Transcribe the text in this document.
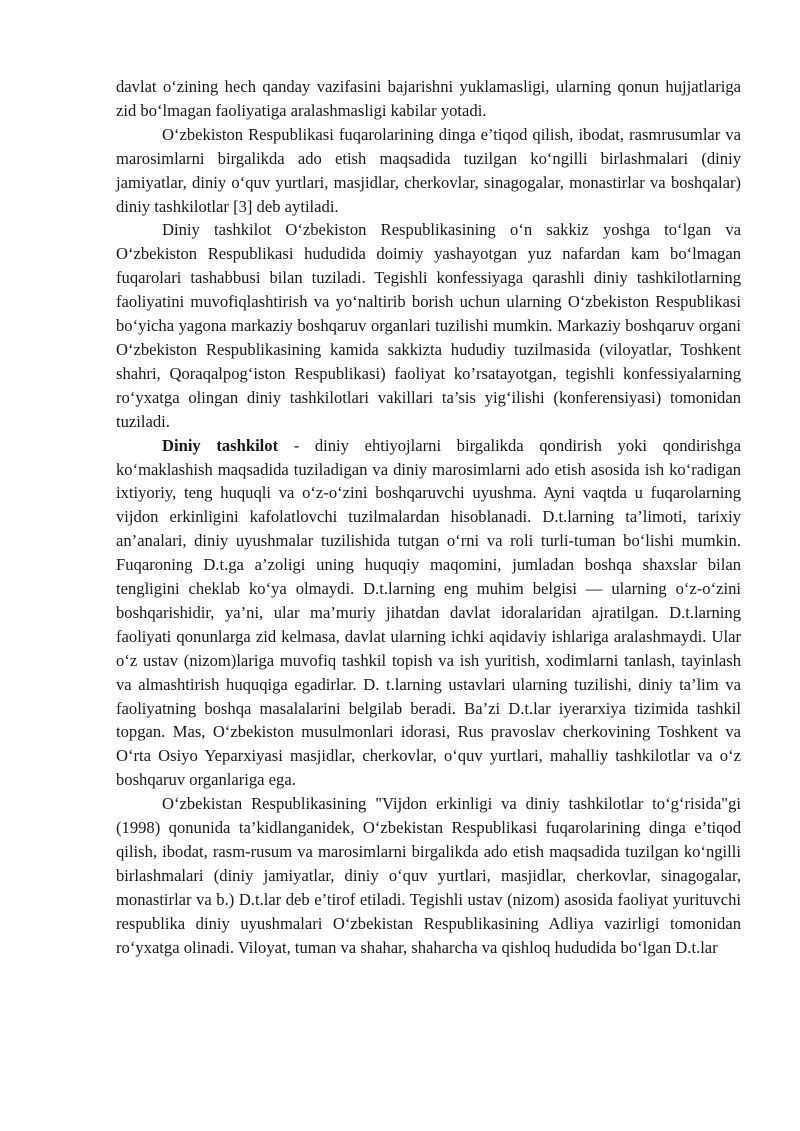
davlat o‘zining hech qanday vazifasini bajarishni yuklamasligi, ularning qonun hujjatlariga zid bo‘lmagan faoliyatiga aralashmasligi kabilar yotadi.

O‘zbekiston Respublikasi fuqarolarining dinga e’tiqod qilish, ibodat, rasmrusumlar va marosimlarni birgalikda ado etish maqsadida tuzilgan ko‘ngilli birlashmalari (diniy jamiyatlar, diniy o‘quv yurtlari, masjidlar, cherkovlar, sinagogalar, monastirlar va boshqalar) diniy tashkilotlar [3] deb aytiladi.

Diniy tashkilot O‘zbekiston Respublikasining o‘n sakkiz yoshga to‘lgan va O‘zbekiston Respublikasi hududida doimiy yashayotgan yuz nafardan kam bo‘lmagan fuqarolari tashabbusi bilan tuziladi. Tegishli konfessiyaga qarashli diniy tashkilotlarning faoliyatini muvofiqlashtirish va yo‘naltirib borish uchun ularning O‘zbekiston Respublikasi bo‘yicha yagona markaziy boshqaruv organlari tuzilishi mumkin. Markaziy boshqaruv organi O‘zbekiston Respublikasining kamida sakkizta hududiy tuzilmasida (viloyatlar, Toshkent shahri, Qoraqalpog‘iston Respublikasi) faoliyat ko’rsatayotgan, tegishli konfessiyalarning ro‘yxatga olingan diniy tashkilotlari vakillari ta’sis yig‘ilishi (konferensiyasi) tomonidan tuziladi.

Diniy tashkilot - diniy ehtiyojlarni birgalikda qondirish yoki qondirishga ko‘maklashish maqsadida tuziladigan va diniy marosimlarni ado etish asosida ish ko‘radigan ixtiyoriy, teng huquqli va o‘z-o‘zini boshqaruvchi uyushma. Ayni vaqtda u fuqarolarning vijdon erkinligini kafolatlovchi tuzilmalardan hisoblanadi. D.t.larning ta’limoti, tarixiy an’analari, diniy uyushmalar tuzilishida tutgan o‘rni va roli turli-tuman bo‘lishi mumkin. Fuqaroning D.t.ga a’zoligi uning huquqiy maqomini, jumladan boshqa shaxslar bilan tengligini cheklab ko‘ya olmaydi. D.t.larning eng muhim belgisi — ularning o‘z-o‘zini boshqarishidir, ya’ni, ular ma’muriy jihatdan davlat idoralaridan ajratilgan. D.t.larning faoliyati qonunlarga zid kelmasa, davlat ularning ichki aqidaviy ishlariga aralashmaydi. Ular o‘z ustav (nizom)lariga muvofiq tashkil topish va ish yuritish, xodimlarni tanlash, tayinlash va almashtirish huquqiga egadirlar. D. t.larning ustavlari ularning tuzilishi, diniy ta’lim va faoliyatning boshqa masalalarini belgilab beradi. Ba’zi D.t.lar iyerarxiya tizimida tashkil topgan. Mas, O‘zbekiston musulmonlari idorasi, Rus pravoslav cherkovining Toshkent va O‘rta Osiyo Yeparxiyasi masjidlar, cherkovlar, o‘quv yurtlari, mahalliy tashkilotlar va o‘z boshqaruv organlariga ega.

O‘zbekistan Respublikasining "Vijdon erkinligi va diniy tashkilotlar to‘g‘risida"gi (1998) qonunida ta’kidlanganidek, O‘zbekistan Respublikasi fuqarolarining dinga e’tiqod qilish, ibodat, rasm-rusum va marosimlarni birgalikda ado etish maqsadida tuzilgan ko‘ngilli birlashmalari (diniy jamiyatlar, diniy o‘quv yurtlari, masjidlar, cherkovlar, sinagogalar, monastirlar va b.) D.t.lar deb e’tirof etiladi. Tegishli ustav (nizom) asosida faoliyat yurituvchi respublika diniy uyushmalari O‘zbekistan Respublikasining Adliya vazirligi tomonidan ro‘yxatga olinadi. Viloyat, tuman va shahar, shaharcha va qishloq hududida bo‘lgan D.t.lar
